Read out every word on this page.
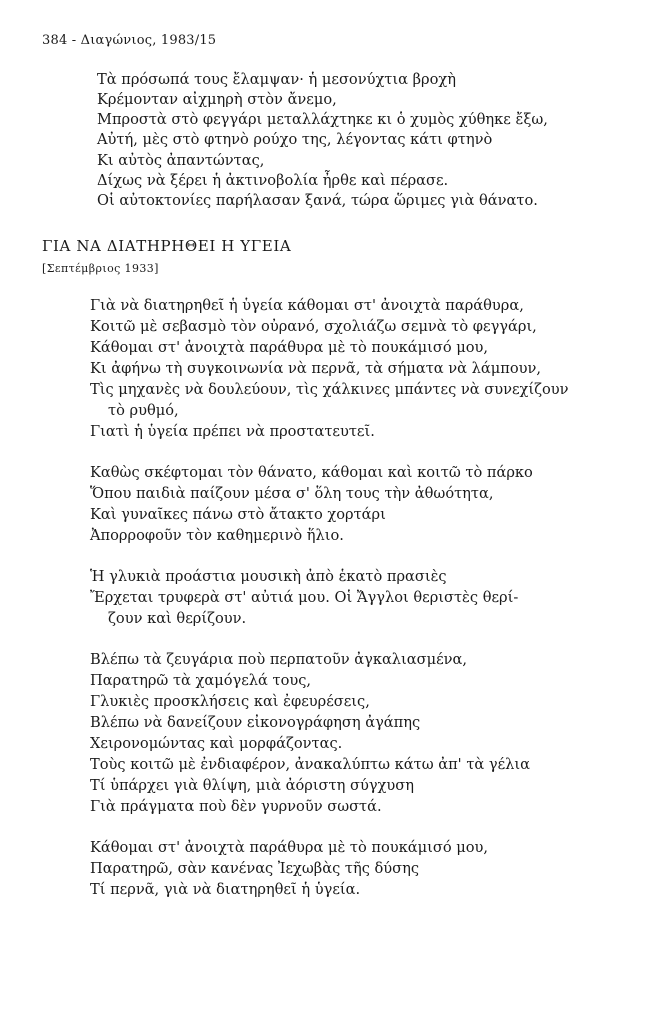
384 - Διαγώνιος, 1983/15
Τὰ πρόσωπά τους ἔλαμψαν· ἡ μεσονύχτια βροχὴ
Κρέμονταν αἰχμηρὴ στὸν ἄνεμο,
Μπροστὰ στὸ φεγγάρι μεταλλάχτηκε κι ὁ χυμὸς χύθηκε ἔξω,
Αὐτή, μὲς στὸ φτηνὸ ρούχο της, λέγοντας κάτι φτηνὸ
Κι αὐτὸς ἀπαντώντας,
Δίχως νὰ ξέρει ἡ ἀκτινοβολία ἦρθε καὶ πέρασε.
Οἱ αὐτοκτονίες παρήλασαν ξανά, τώρα ὥριμες γιὰ θάνατο.
ΓΙΑ ΝΑ ΔΙΑΤΗΡΗΘΕΙ Η ΥΓΕΙΑ
[Σεπτέμβριος 1933]
Γιὰ νὰ διατηρηθεῖ ἡ ὑγεία κάθομαι στ' ἀνοιχτὰ παράθυρα,
Κοιτῶ μὲ σεβασμὸ τὸν οὐρανό, σχολιάζω σεμνὰ τὸ φεγγάρι,
Κάθομαι στ' ἀνοιχτὰ παράθυρα μὲ τὸ πουκάμισό μου,
Κι ἀφήνω τὴ συγκοινωνία νὰ περνᾶ, τὰ σήματα νὰ λάμπουν,
Τὶς μηχανὲς νὰ δουλεύουν, τὶς χάλκινες μπάντες νὰ συνεχίζουν
τὸ ρυθμό,
Γιατὶ ἡ ὑγεία πρέπει νὰ προστατευτεῖ.
Καθὼς σκέφτομαι τὸν θάνατο, κάθομαι καὶ κοιτῶ τὸ πάρκο
Ὅπου παιδιὰ παίζουν μέσα σ' ὅλη τους τὴν ἀθωότητα,
Καὶ γυναῖκες πάνω στὸ ἄτακτο χορτάρι
Ἀπορροφοῦν τὸν καθημερινὸ ἥλιο.
Ἡ γλυκιὰ προάστια μουσικὴ ἀπὸ ἑκατὸ πρασιὲς
Ἔρχεται τρυφερὰ στ' αὐτιά μου. Οἱ Ἄγγλοι θεριστὲς θερί-
ζουν καὶ θερίζουν.
Βλέπω τὰ ζευγάρια ποὺ περπατοῦν ἀγκαλιασμένα,
Παρατηρῶ τὰ χαμόγελά τους,
Γλυκιὲς προσκλήσεις καὶ ἐφευρέσεις,
Βλέπω νὰ δανείζουν εἰκονογράφηση ἀγάπης
Χειρονομώντας καὶ μορφάζοντας.
Τοὺς κοιτῶ μὲ ἐνδιαφέρον, ἀνακαλύπτω κάτω ἀπ' τὰ γέλια
Τί ὑπάρχει γιὰ θλίψη, μιὰ ἀόριστη σύγχυση
Γιὰ πράγματα ποὺ δὲν γυρνοῦν σωστά.
Κάθομαι στ' ἀνοιχτὰ παράθυρα μὲ τὸ πουκάμισό μου,
Παρατηρῶ, σὰν κανένας Ἰεχωβὰς τῆς δύσης
Τί περνᾶ, γιὰ νὰ διατηρηθεῖ ἡ ὑγεία.
